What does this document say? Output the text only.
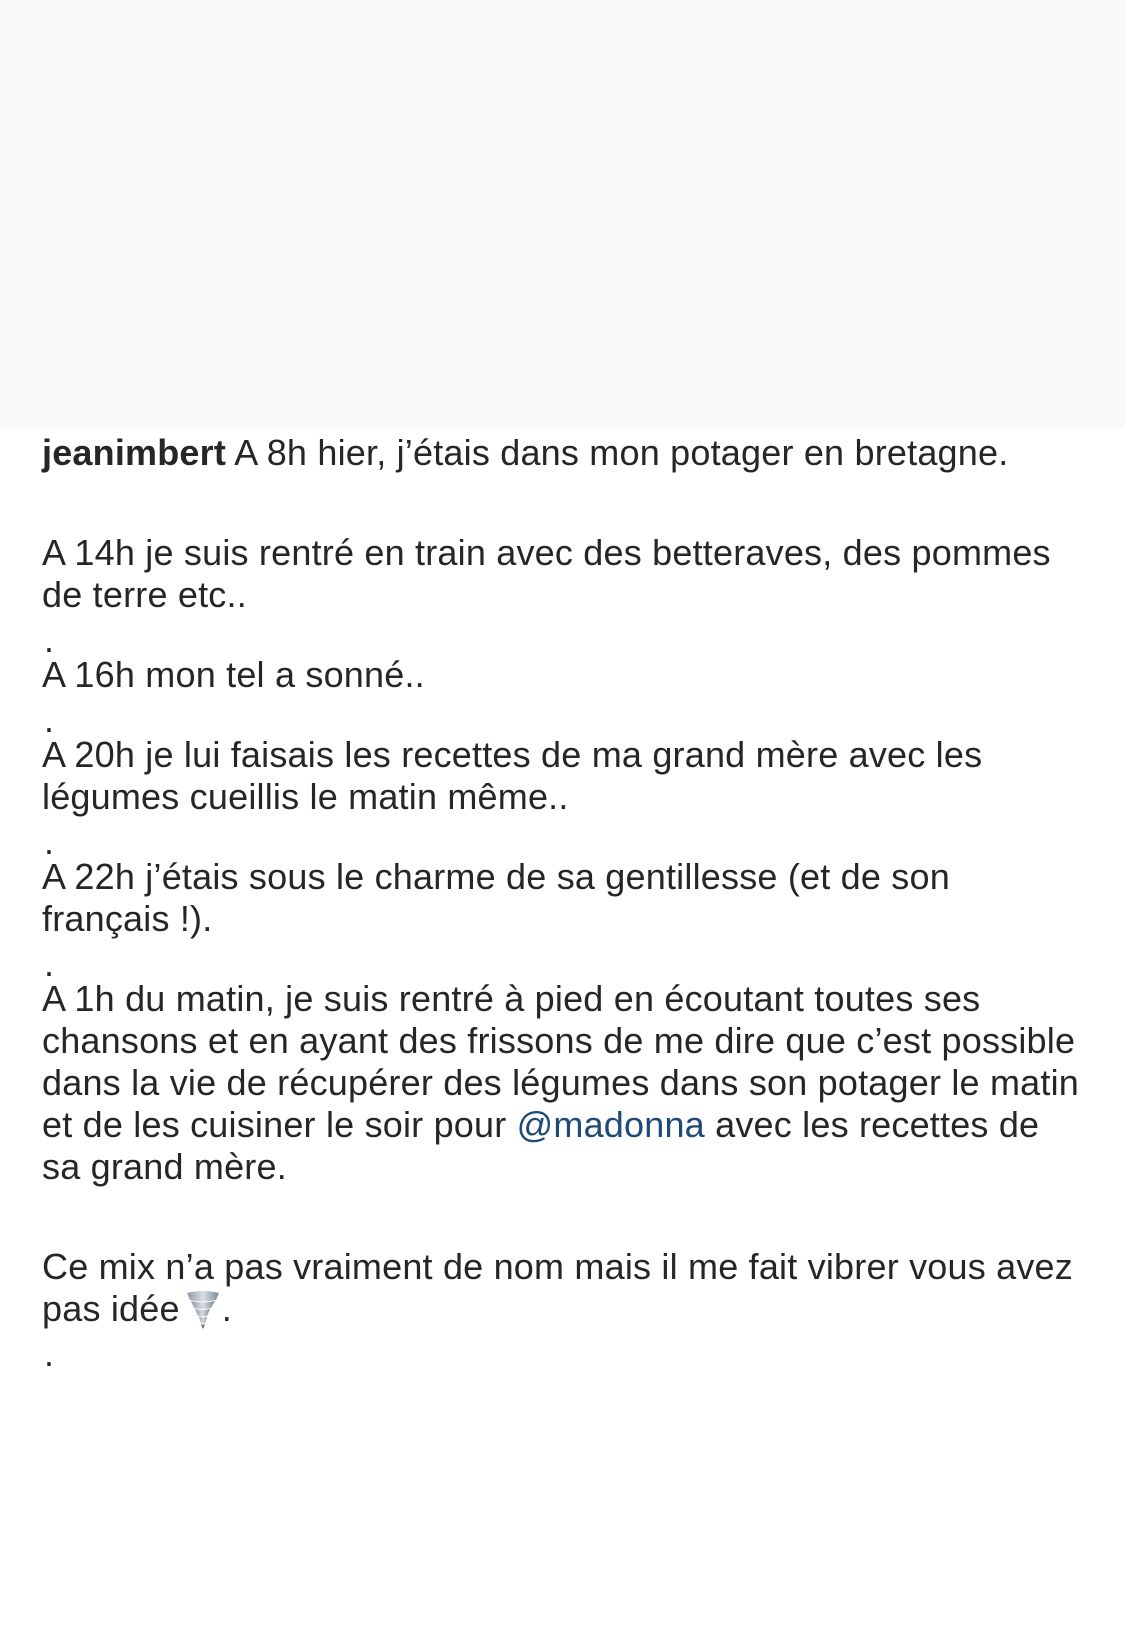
jeanimbert A 8h hier, j’étais dans mon potager en bretagne.

A 14h je suis rentré en train avec des betteraves, des pommes de terre etc..

.

A 16h mon tel a sonné..

.

A 20h je lui faisais les recettes de ma grand mère avec les légumes cueillis le matin même..

.

A 22h j’étais sous le charme de sa gentillesse (et de son français !).

.

A 1h du matin, je suis rentré à pied en écoutant toutes ses chansons et en ayant des frissons de me dire que c’est possible dans la vie de récupérer des légumes dans son potager le matin et de les cuisiner le soir pour @madonna avec les recettes de sa grand mère.

Ce mix n’a pas vraiment de nom mais il me fait vibrer vous avez pas idée .

.
